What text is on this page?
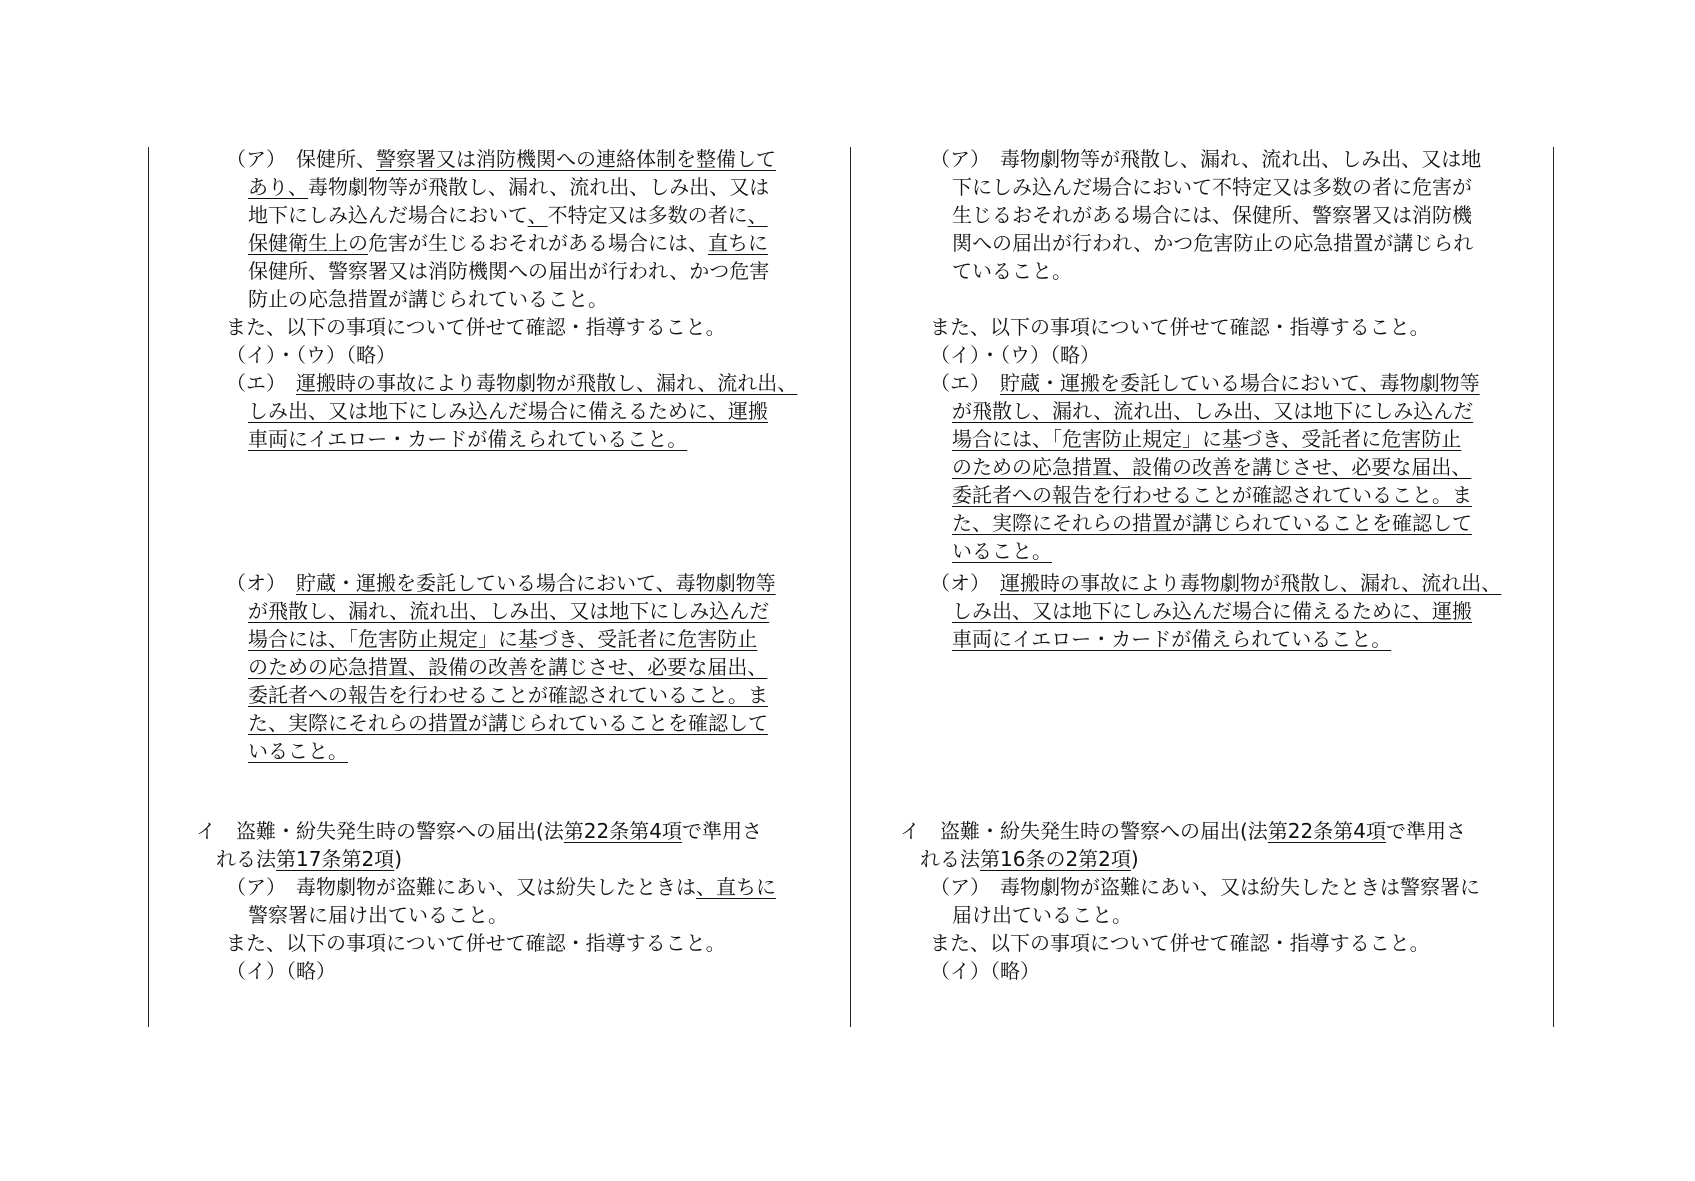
（ア）　保健所、警察署又は消防機関への連絡体制を整備して
あり、毒物劇物等が飛散し、漏れ、流れ出、しみ出、又は
地下にしみ込んだ場合において、不特定又は多数の者に、
保健衛生上の危害が生じるおそれがある場合には、直ちに
保健所、警察署又は消防機関への届出が行われ、かつ危害
防止の応急措置が講じられていること。
また、以下の事項について併せて確認・指導すること。
（イ）・（ウ）（略）
（エ）　運搬時の事故により毒物劇物が飛散し、漏れ、流れ出、
しみ出、又は地下にしみ込んだ場合に備えるために、運搬
車両にイエロー・カードが備えられていること。
（オ）　貯蔵・運搬を委託している場合において、毒物劇物等
が飛散し、漏れ、流れ出、しみ出、又は地下にしみ込んだ
場合には、「危害防止規定」に基づき、受託者に危害防止
のための応急措置、設備の改善を講じさせ、必要な届出、
委託者への報告を行わせることが確認されていること。ま
た、実際にそれらの措置が講じられていることを確認して
いること。
イ　盗難・紛失発生時の警察への届出(法第22条第4項で準用さ
れる法第17条第2項)
（ア）　毒物劇物が盗難にあい、又は紛失したときは、直ちに
警察署に届け出ていること。
また、以下の事項について併せて確認・指導すること。
（イ）（略）
（ア）　毒物劇物等が飛散し、漏れ、流れ出、しみ出、又は地
下にしみ込んだ場合において不特定又は多数の者に危害が
生じるおそれがある場合には、保健所、警察署又は消防機
関への届出が行われ、かつ危害防止の応急措置が講じられ
ていること。
また、以下の事項について併せて確認・指導すること。
（イ）・（ウ）（略）
（エ）　貯蔵・運搬を委託している場合において、毒物劇物等
が飛散し、漏れ、流れ出、しみ出、又は地下にしみ込んだ
場合には、「危害防止規定」に基づき、受託者に危害防止
のための応急措置、設備の改善を講じさせ、必要な届出、
委託者への報告を行わせることが確認されていること。ま
た、実際にそれらの措置が講じられていることを確認して
いること。
（オ）　運搬時の事故により毒物劇物が飛散し、漏れ、流れ出、
しみ出、又は地下にしみ込んだ場合に備えるために、運搬
車両にイエロー・カードが備えられていること。
イ　盗難・紛失発生時の警察への届出(法第22条第4項で準用さ
れる法第16条の2第2項)
（ア）　毒物劇物が盗難にあい、又は紛失したときは警察署に
届け出ていること。
また、以下の事項について併せて確認・指導すること。
（イ）（略）
